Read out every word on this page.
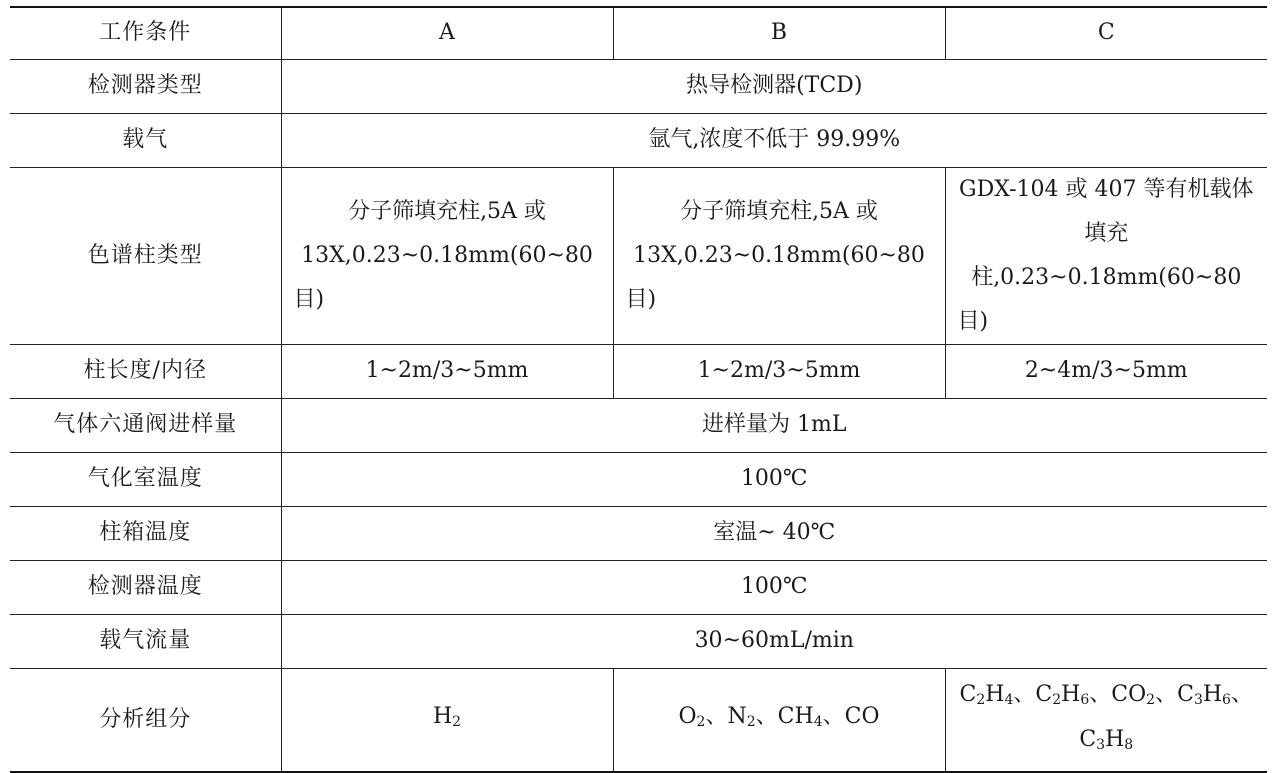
工作条件	A	B	C
检测器类型	热导检测器(TCD)		
载气	氩气,浓度不低于 99.99%		
色谱柱类型	分子筛填充柱,5A 或 13X,0.23~0.18mm(60~80 目)	分子筛填充柱,5A 或 13X,0.23~0.18mm(60~80 目)	GDX-104 或 407 等有机载体填充柱,0.23~0.18mm(60~80 目)
柱长度/内径	1~2m/3~5mm	1~2m/3~5mm	2~4m/3~5mm
气体六通阀进样量	进样量为 1mL		
气化室温度	100℃		
柱箱温度	室温~ 40℃		
检测器温度	100℃		
载气流量	30~60mL/min		
分析组分	$H_2$	$O_2$、$N_2$、$CH_4$、CO	$C_2H_4$、$C_2H_6$、$CO_2$、$C_3H_6$、$C_3H_8$
